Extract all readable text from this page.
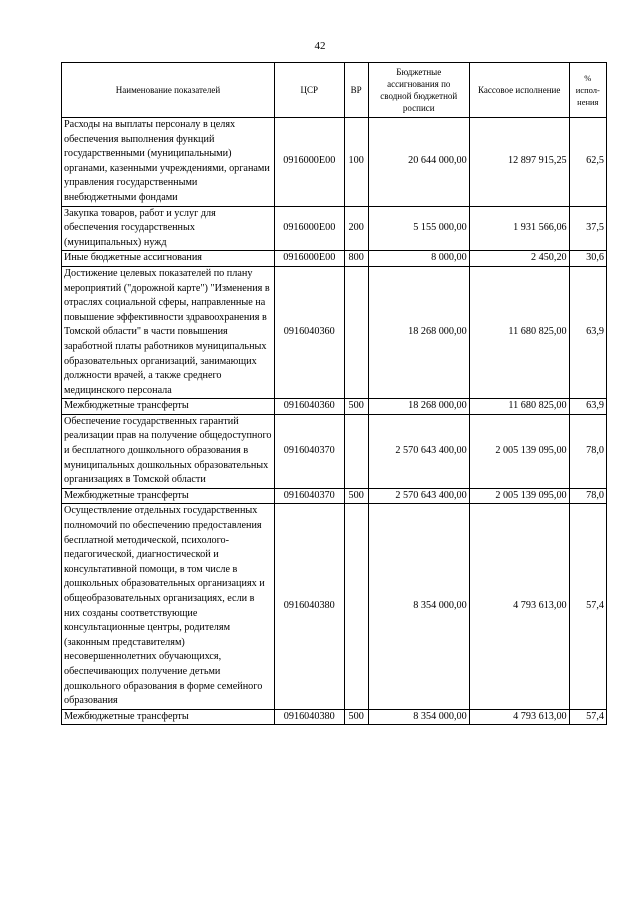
42
Наименование показателей	ЦСР	ВР	Бюджетные ассигнования по сводной бюджетной росписи	Кассовое исполнение	% испол-нения
Расходы на выплаты персоналу в целях обеспечения выполнения функций государственными (муниципальными) органами, казенными учреждениями, органами управления государственными внебюджетными фондами	0916000E00	100	20 644 000,00	12 897 915,25	62,5
Закупка товаров, работ и услуг для обеспечения государственных (муниципальных) нужд	0916000E00	200	5 155 000,00	1 931 566,06	37,5
Иные бюджетные ассигнования	0916000E00	800	8 000,00	2 450,20	30,6
Достижение целевых показателей по плану мероприятий ("дорожной карте") "Изменения в отраслях социальной сферы, направленные на повышение эффективности здравоохранения в Томской области" в части повышения заработной платы работников муниципальных образовательных организаций, занимающих должности врачей, а также среднего медицинского персонала	0916040360		18 268 000,00	11 680 825,00	63,9
Межбюджетные трансферты	0916040360	500	18 268 000,00	11 680 825,00	63,9
Обеспечение государственных гарантий реализации прав на получение общедоступного и бесплатного дошкольного образования в муниципальных дошкольных образовательных организациях в Томской области	0916040370		2 570 643 400,00	2 005 139 095,00	78,0
Межбюджетные трансферты	0916040370	500	2 570 643 400,00	2 005 139 095,00	78,0
Осуществление отдельных государственных полномочий по обеспечению предоставления бесплатной методической, психолого-педагогической, диагностической и консультативной помощи, в том числе в дошкольных образовательных организациях и общеобразовательных организациях, если в них созданы соответствующие консультационные центры, родителям (законным представителям) несовершеннолетних обучающихся, обеспечивающих получение детьми дошкольного образования в форме семейного образования	0916040380		8 354 000,00	4 793 613,00	57,4
Межбюджетные трансферты	0916040380	500	8 354 000,00	4 793 613,00	57,4
